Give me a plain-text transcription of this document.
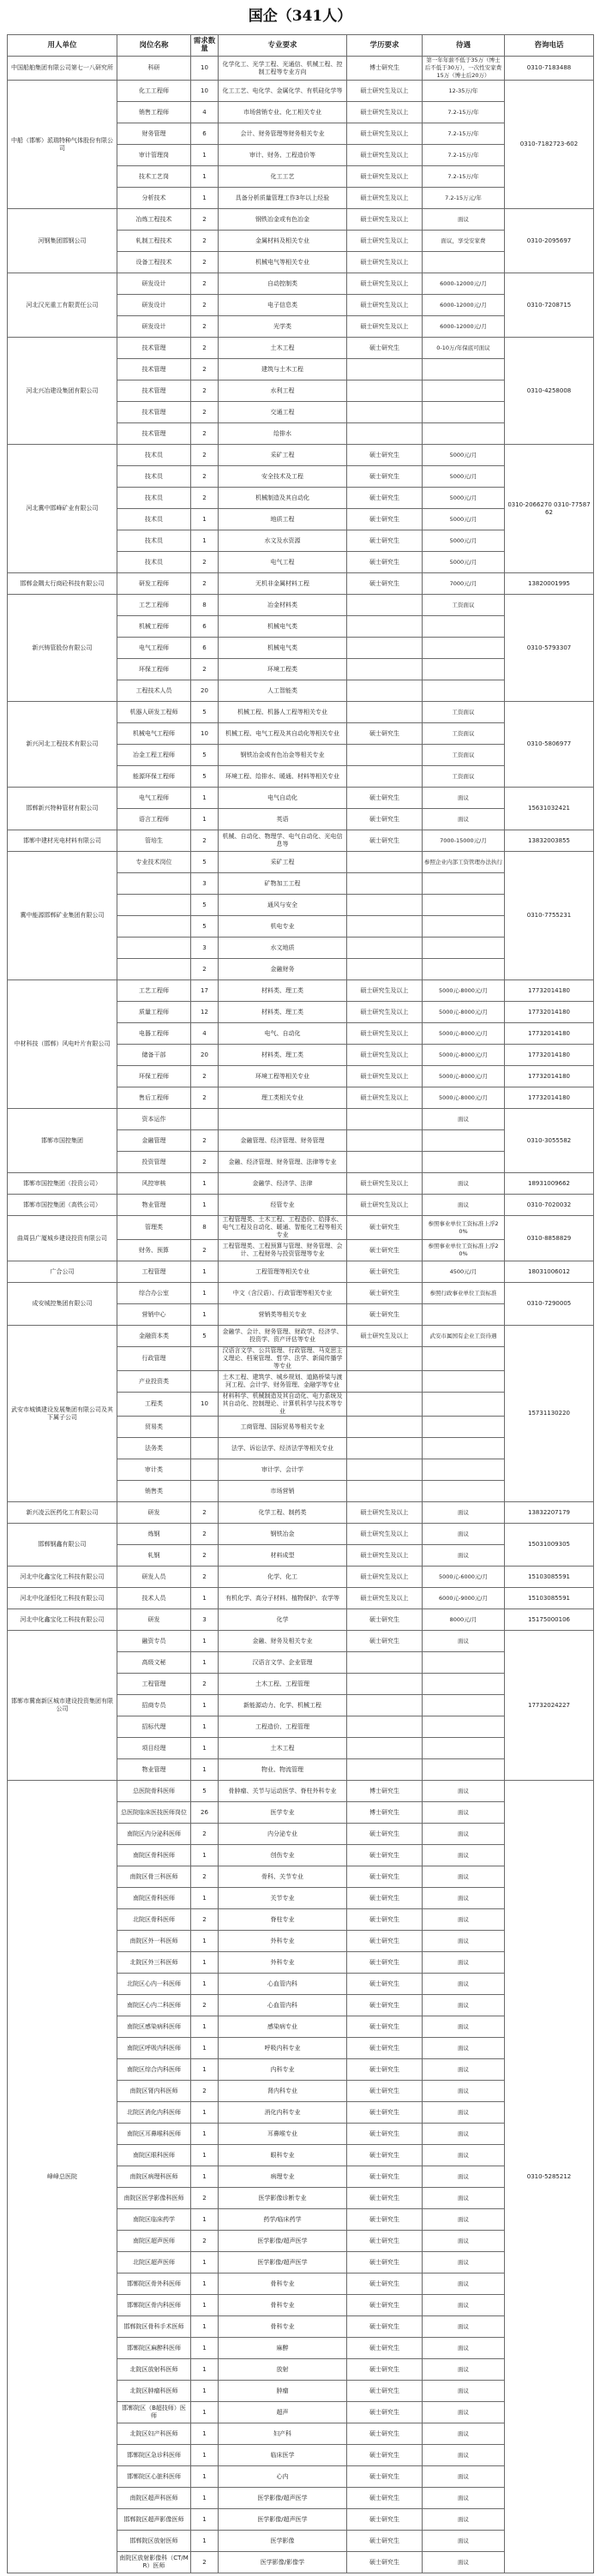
国企（341人）
用人单位	岗位名称	需求数量	专业要求	学历要求	待遇	咨询电话
中国船舶集团有限公司第七一八研究所	科研	10	化学化工、光学工程、光通信、机械工程、控制工程等专业方向	博士研究生	第一年年薪不低于35万（博士后不低于30万），一次性安家费15万（博士后20万）	0310-7183488
中船（邯郸）派瑞特种气体股份有限公司	化工工程师	10	化工工艺、电化学、金属化学、有机硅化学等	硕士研究生及以上	12-35万/年	0310-7182723-602
	销售工程师	4	市场营销专业、化工相关专业	硕士研究生及以上	7.2-15万/年	
	财务管理	6	会计、财务管理等财务相关专业	硕士研究生及以上	7.2-15万/年	
	审计管理岗	1	审计、财务、工程造价等	硕士研究生及以上	7.2-15万/年	
	技术工艺岗	1	化工工艺	硕士研究生及以上	7.2-15万/年	
	分析技术	1	具备分析质量管理工作3年以上经验	硕士研究生及以上	7.2-15万元/年	
河钢集团邯钢公司	冶炼工程技术	2	钢铁冶金或有色冶金	硕士研究生及以上	面议	0310-2095697
	轧制工程技术	2	金属材料及相关专业	硕士研究生及以上	面议，享受安家费	
	设备工程技术	2	机械电气等相关专业	硕士研究生及以上		
河北汉光重工有限责任公司	研发设计	2	自动控制类	硕士研究生及以上	6000-12000元/月	0310-7208715
	研发设计	2	电子信息类	硕士研究生及以上	6000-12000元/月	
	研发设计	2	光学类	硕士研究生及以上	6000-12000元/月	
河北兴冶建设集团有限公司	技术管理	2	土木工程	硕士研究生	0-10万/年保底可面议	0310-4258008
	技术管理	2	建筑与土木工程			
	技术管理	2	水利工程			
	技术管理	2	交通工程			
	技术管理	2	给排水			
河北冀中邯峰矿业有限公司	技术员	2	采矿工程	硕士研究生	5000元/月	0310-2066270 0310-7758762
	技术员	2	安全技术及工程	硕士研究生	5000元/月	
	技术员	2	机械制造及其自动化	硕士研究生	5000元/月	
	技术员	1	地质工程	硕士研究生	5000元/月	
	技术员	1	水文及水资源	硕士研究生	5000元/月	
	技术员	2	电气工程	硕士研究生	5000元/月	
邯郸金隅太行商砼科技有限公司	研发工程师	2	无机非金属材料工程	硕士研究生	7000元/月	13820001995
新兴铸管股份有限公司	工艺工程师	8	冶金材料类		工资面议	0310-5793307
	机械工程师	6	机械电气类			
	电气工程师	6	机械电气类			
	环保工程师	2	环境工程类			
	工程技术人员	20	人工智能类			
新兴河北工程技术有限公司	机器人研发工程师	5	机械工程、机器人工程等相关专业		工资面议	0310-5806977
	机械电气工程师	10	机械工程、电气工程及其自动化等相关专业	硕士研究生	工资面议	
	冶金工程工程师	5	钢铁冶金或有色冶金等相关专业		工资面议	
	能源环保工程师	5	环境工程、给排水、暖通、材料等相关专业		工资面议	
邯郸新兴特种管材有限公司	电气工程师	1	电气自动化	硕士研究生	面议	15631032421
	语言工程师	1	英语	硕士研究生	面议	
邯郸中建材光电材料有限公司	管培生	2	机械、自动化、物理学、电气自动化、光电信息等	硕士研究生	7000-15000元/月	13832003855
冀中能源邯郸矿业集团有限公司	专业技术岗位	5	采矿工程		参照企业内部工资管理办法执行	0310-7755231
		3	矿物加工工程			
		5	通风与安全			
		5	机电专业			
		3	水文地质			
		2	金融财务			
中材科技（邯郸）风电叶片有限公司	工艺工程师	17	材料类、理工类	硕士研究生及以上	5000元-8000元/月	17732014180
	质量工程师	12	材料类、理工类	硕士研究生及以上	5000元-8000元/月	17732014180
	电器工程师	4	电气、自动化	硕士研究生及以上	5000元-8000元/月	17732014180
	储备干部	20	材料类、理工类	硕士研究生及以上	5000元-8000元/月	17732014180
	环保工程师	2	环境工程等相关专业	硕士研究生及以上	5000元-8000元/月	17732014180
	售后工程师	2	理工类相关专业	硕士研究生及以上	5000元-8000元/月	17732014180
邯郸市国控集团	资本运作				面议	0310-3055582
	金融管理	2	金融管理、经济管理、财务管理			
	投资管理	2	金融、经济管理、财务管理、法律等专业			
邯郸市国控集团（投资公司）	风控审核	1	金融学、经济学、法律	硕士研究生及以上	面议	18931009662
邯郸市国控集团（高铁公司）	物业管理	1	经管专业	硕士研究生及以上	面议	0310-7020032
曲周县广厦城乡建设投资有限公司	管理类	8	工程管理类、土木工程、工程造价、给排水、电气工程及自动化、暖通、智能化工程等相关专业	硕士研究生	参照事业单位工资标准上浮20%	0310-8858829
	财务、预算	2	工程管理类、工程预算与管理、财务管理、会计、工程财务与投资管理等专业	硕士研究生	参照事业单位工资标准上浮20%	
广合公司	工程管理	1	工程管理等相关专业	硕士研究生	4500元/月	18031006012
成安城控集团有限公司	综合办公室	1	中文（含汉语）、行政管理等相关专业	硕士研究生	参照行政事业单位工资标准	0310-7290005
	营销中心	1	营销类等相关专业	硕士研究生		
武安市城镇建设发展集团有限公司及其下属子公司	金融资本类	5	金融学、会计、财务管理、财政学、经济学、投资学、资产评估等专业	硕士研究生及以上	武安市属国有企业工资待遇	15731130220
	行政管理		汉语言文学、公共管理、行政管理、马克思主义理论、档案管理、哲学、法学、新闻传播学等专业			
	产业投资类		土木工程、建筑学、城乡规划、道路桥梁与渡河工程、会计学、财务管理、金融学等专业			
	工程类	10	材料科学、机械制造及其自动化、电力系统及其自动化、控制理论、计算机科学与技术等专业			
	贸易类		工商管理、国际贸易等相关专业			
	法务类		法学、诉讼法学、经济法学等相关专业			
	审计类		审计学、会计学			
	销售类		市场营销			
新兴凌云医药化工有限公司	研发	2	化学工程、制药类	硕士研究生及以上	面议	13832207179
邯郸钢鑫有限公司	炼钢	2	钢铁冶金	硕士研究生及以上	面议	15031009305
	轧钢	2	材料成型	硕士研究生及以上	面议	
河北中化鑫宝化工科技有限公司	研发人员	2	化学、化工	硕士研究生及以上	5000元-6000元/月	15103085591
河北中化滏恒化工科技有限公司	技术人员	1	有机化学、高分子材料、植物保护、农学等	硕士研究生及以上	6000元-9000元/月	15103085591
河北中化鑫宝化工科技有限公司	研发	3	化学	硕士研究生	8000元/月	15175000106
邯郸市冀南新区城市建设投资集团有限公司	融资专员	1	金融、财务及相关专业	硕士研究生	面议	17732024227
	高级文秘	1	汉语言文学、企业管理			
	工程管理	2	土木工程、工程管理			
	招商专员	1	新能源动力、化学、机械工程			
	招标代理	1	工程造价、工程管理			
	项目经理	1	土木工程			
	物业管理	1	物业、物流管理			
峰峰总医院	总医院骨科医师	5	骨肿瘤、关节与运动医学、脊柱外科专业	博士研究生	面议	0310-5285212
	总医院临床医技医师岗位	26	医学专业	博士研究生	面议	
	南院区内分泌科医师	2	内分泌专业	硕士研究生	面议	
	南院区骨科医师	1	创伤专业	硕士研究生	面议	
	南院区骨三科医师	2	骨科、关节专业	硕士研究生	面议	
	南院区骨科医师	1	关节专业	硕士研究生	面议	
	北院区骨科医师	2	脊柱专业	硕士研究生	面议	
	南院区外一科医师	1	外科专业	硕士研究生	面议	
	北院区外三科医师	1	外科专业	硕士研究生	面议	
	北院区心内一科医师	1	心血管内科	硕士研究生	面议	
	南院区心内二科医师	2	心血管内科	硕士研究生	面议	
	南院区感染病科医师	1	感染病专业	硕士研究生	面议	
	南院区呼吸内科医师	1	呼吸内科专业	硕士研究生	面议	
	南院区综合内科医师	1	内科专业	硕士研究生	面议	
	南院区肾内科医师	2	肾内科专业	硕士研究生	面议	
	北院区消化内科医师	1	消化内科专业	硕士研究生	面议	
	南院区耳鼻喉科医师	1	耳鼻喉专业	硕士研究生	面议	
	南院区眼科医师	1	眼科专业	硕士研究生	面议	
	南院区病理科医师	1	病理专业	硕士研究生	面议	
	南院区医学影像科医师	2	医学影像诊断专业	硕士研究生	面议	
	南院区临床药学	1	药学/临床药学	硕士研究生	面议	
	南院区超声医师	2	医学影像/超声医学	硕士研究生	面议	
	北院区超声医师	1	医学影像/超声医学	硕士研究生	面议	
	邯郸院区骨外科医师	1	骨科专业	硕士研究生	面议	
	邯郸院区骨内科医师	1	骨科专业	硕士研究生	面议	
	邯郸院区骨科手术医师	1	骨科专业	硕士研究生	面议	
	邯郸院区麻醉科医师	1	麻醉	硕士研究生	面议	
	北院区放射科医师	1	放射	硕士研究生	面议	
	北院区肿瘤科医师	1	肿瘤	硕士研究生	面议	
	邯郸院区（B超技师）医师	1	超声	硕士研究生	面议	
	北院区妇产科医师	1	妇产科	硕士研究生	面议	
	邯郸院区急诊科医师	1	临床医学	硕士研究生	面议	
	邯郸院区心脏科医师	1	心内	硕士研究生	面议	
	南院区超声科医师	1	医学影像/超声医学	硕士研究生	面议	
	邯郸院区超声影像医师	1	医学影像/超声医学	硕士研究生	面议	
	邯郸院区放射医师	1	医学影像	硕士研究生	面议	
	南院区放射影像科（CT/MR）医师	2	医学影像/影像学	硕士研究生	面议	
